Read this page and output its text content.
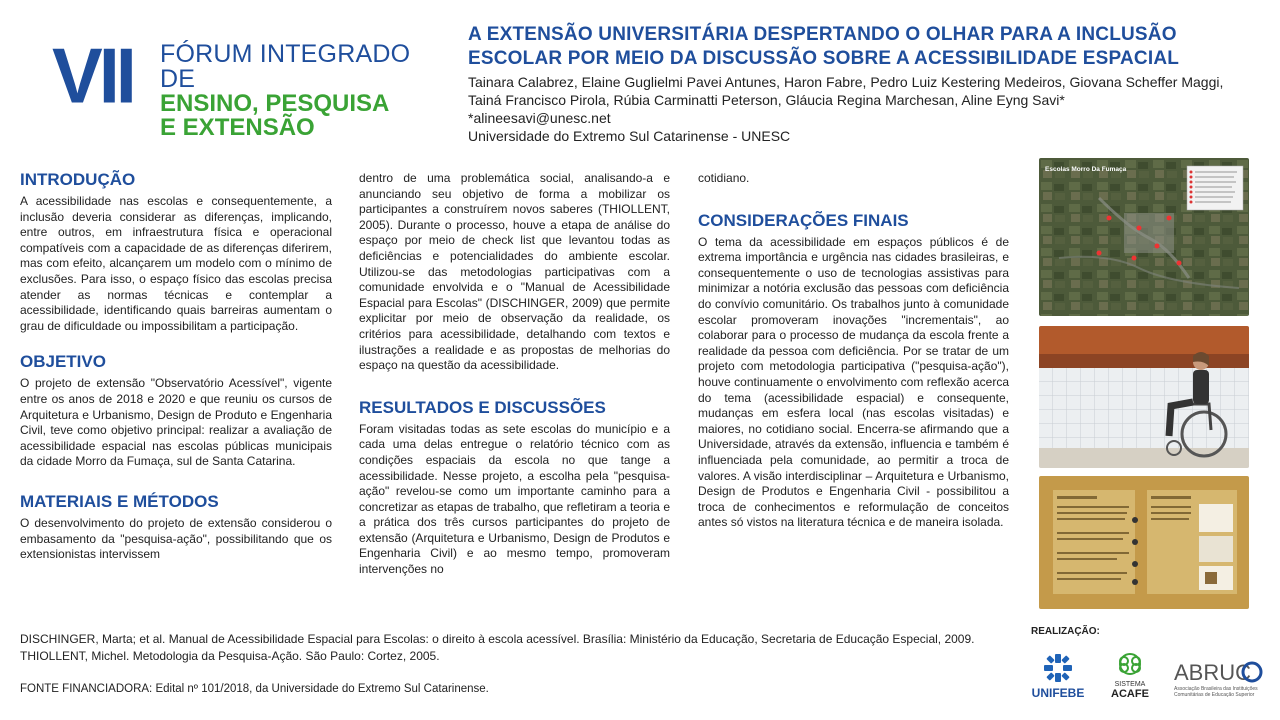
VII FÓRUM INTEGRADO DE
ENSINO, PESQUISA
E EXTENSÃO
A EXTENSÃO UNIVERSITÁRIA DESPERTANDO O OLHAR PARA A INCLUSÃO
ESCOLAR POR MEIO DA DISCUSSÃO SOBRE A ACESSIBILIDADE ESPACIAL
Tainara Calabrez, Elaine Guglielmi Pavei Antunes, Haron Fabre, Pedro Luiz Kestering Medeiros, Giovana Scheffer Maggi, Tainá Francisco Pirola, Rúbia Carminatti Peterson, Gláucia Regina Marchesan, Aline Eyng Savi*
*alineesavi@unesc.net
Universidade do Extremo Sul Catarinense - UNESC
INTRODUÇÃO

A acessibilidade nas escolas e consequentemente, a inclusão deveria considerar as diferenças, implicando, entre outros, em infraestrutura física e operacional compatíveis com a capacidade de as diferenças diferirem, mas com efeito, alcançarem um modelo com o mínimo de exclusões. Para isso, o espaço físico das escolas precisa atender as normas técnicas e contemplar a acessibilidade, identificando quais barreiras aumentam o grau de dificuldade ou impossibilitam a participação.

OBJETIVO

O projeto de extensão "Observatório Acessível", vigente entre os anos de 2018 e 2020 e que reuniu os cursos de Arquitetura e Urbanismo, Design de Produto e Engenharia Civil, teve como objetivo principal: realizar a avaliação de acessibilidade espacial nas escolas públicas municipais da cidade Morro da Fumaça, sul de Santa Catarina.

MATERIAIS E MÉTODOS

O desenvolvimento do projeto de extensão considerou o embasamento da "pesquisa-ação", possibilitando que os extensionistas intervissem

dentro de uma problemática social, analisando-a e anunciando seu objetivo de forma a mobilizar os participantes a construírem novos saberes (THIOLLENT, 2005). Durante o processo, houve a etapa de análise do espaço por meio de check list que levantou todas as deficiências e potencialidades do ambiente escolar. Utilizou-se das metodologias participativas com a comunidade envolvida e o "Manual de Acessibilidade Espacial para Escolas" (DISCHINGER, 2009) que permite explicitar por meio de observação da realidade, os critérios para acessibilidade, detalhando com textos e ilustrações a realidade e as propostas de melhorias do espaço na questão da acessibilidade.

RESULTADOS E DISCUSSÕES

Foram visitadas todas as sete escolas do município e a cada uma delas entregue o relatório técnico com as condições espaciais da escola no que tange a acessibilidade. Nesse projeto, a escolha pela "pesquisa-ação" revelou-se como um importante caminho para a concretizar as etapas de trabalho, que refletiram a teoria e a prática dos três cursos participantes do projeto de extensão (Arquitetura e Urbanismo, Design de Produtos e Engenharia Civil) e ao mesmo tempo, promoveram intervenções no

cotidiano.

CONSIDERAÇÕES FINAIS

O tema da acessibilidade em espaços públicos é de extrema importância e urgência nas cidades brasileiras, e consequentemente o uso de tecnologias assistivas para minimizar a notória exclusão das pessoas com deficiência do convívio comunitário. Os trabalhos junto à comunidade escolar promoveram inovações "incrementais", ao colaborar para o processo de mudança da escola frente a realidade da pessoa com deficiência. Por se tratar de um projeto com metodologia participativa ("pesquisa-ação"), houve continuamente o envolvimento com reflexão acerca do tema (acessibilidade espacial) e consequente, mudanças em esfera local (nas escolas visitadas) e maiores, no cotidiano social. Encerra-se afirmando que a Universidade, através da extensão, influencia e também é influenciada pela comunidade, ao permitir a troca de valores. A visão interdisciplinar – Arquitetura e Urbanismo, Design de Produtos e Engenharia Civil - possibilitou a troca de conhecimentos e reformulação de conceitos antes só vistos na literatura técnica e de maneira isolada.

Escolas Morro Da Fumaça
DISCHINGER, Marta; et al. Manual de Acessibilidade Espacial para Escolas: o direito à escola acessível. Brasília: Ministério da Educação, Secretaria de Educação Especial, 2009.
THIOLLENT, Michel. Metodologia da Pesquisa-Ação. São Paulo: Cortez, 2005.
FONTE FINANCIADORA: Edital nº 101/2018, da Universidade do Extremo Sul Catarinense.
REALIZAÇÃO:
UNIFEBE
SISTEMA
ACAFE
ABRUC
Associação Brasileira das Instituições
Comunitárias de Educação Superior
